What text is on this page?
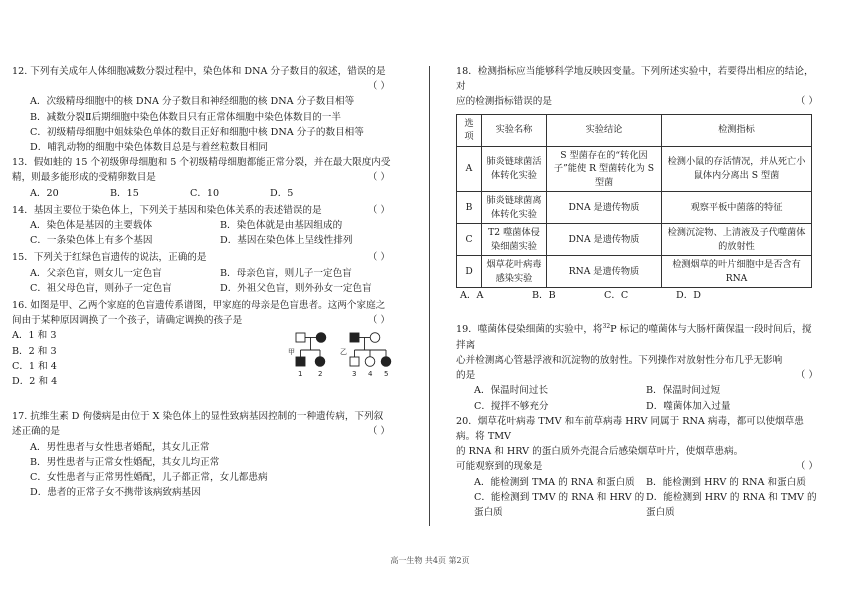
12. 下列有关成年人体细胞减数分裂过程中，染色体和 DNA 分子数目的叙述，错误的是
（ ）
A．次级精母细胞中的核 DNA 分子数目和神经细胞的核 DNA 分子数目相等
B．减数分裂Ⅱ后期细胞中染色体数目只有正常体细胞中染色体数目的一半
C．初级精母细胞中姐妹染色单体的数目正好和细胞中核 DNA 分子的数目相等
D．哺乳动物的细胞中染色体数目总是与着丝粒数目相同
13．假如蛙的 15 个初级卵母细胞和 5 个初级精母细胞都能正常分裂，并在最大限度内受
精，则最多能形成的受精卵数目是	（ ）
A．20	B．15	C．10	D．5
14．基因主要位于染色体上，下列关于基因和染色体关系的表述错误的是	（ ）
A．染色体是基因的主要载体	B．染色体就是由基因组成的
C．一条染色体上有多个基因	D．基因在染色体上呈线性排列
15．下列关于红绿色盲遗传的说法，正确的是	（ ）
A．父亲色盲，则女儿一定色盲	B．母亲色盲，则儿子一定色盲
C．祖父母色盲，则孙子一定色盲	D．外祖父色盲，则外孙女一定色盲
16. 如图是甲、乙两个家庭的色盲遗传系谱图，甲家庭的母亲是色盲患者。这两个家庭之
间由于某种原因调换了一个孩子，请确定调换的孩子是	（ ）
A．1 和 3
B．2 和 3
C．1 和 4
D．2 和 4
17. 抗维生素 D 佝偻病是由位于 X 染色体上的显性致病基因控制的一种遗传病，下列叙
述正确的是	（ ）
A．男性患者与女性患者婚配，其女儿正常
B．男性患者与正常女性婚配，其女儿均正常
C．女性患者与正常男性婚配，儿子都正常，女儿都患病
D．患者的正常子女不携带该病致病基因
甲	乙
1 2	3 4 5
18．检测指标应当能够科学地反映因变量。下列所述实验中，若要得出相应的结论，对
应的检测指标错误的是	（ ）
选项	实验名称	实验结论	检测指标
A	肺炎链球菌活体转化实验	S 型菌存在的“转化因子”能使 R 型菌转化为 S 型菌	检测小鼠的存活情况，并从死亡小鼠体内分离出 S 型菌
B	肺炎链球菌离体转化实验	DNA 是遗传物质	观察平板中菌落的特征
C	T2 噬菌体侵染细菌实验	DNA 是遗传物质	检测沉淀物、上清液及子代噬菌体的放射性
D	烟草花叶病毒感染实验	RNA 是遗传物质	检测烟草的叶片细胞中是否含有 RNA
A．A	B．B	C．C	D．D
19．噬菌体侵染细菌的实验中，将$^{32}$P 标记的噬菌体与大肠杆菌保温一段时间后，搅拌离
心并检测离心管悬浮液和沉淀物的放射性。下列操作对放射性分布几乎无影响
的是	（ ）
A．保温时间过长	B．保温时间过短
C．搅拌不够充分	D．噬菌体加入过量
20．烟草花叶病毒 TMV 和车前草病毒 HRV 同属于 RNA 病毒，都可以使烟草患病。将 TMV
的 RNA 和 HRV 的蛋白质外壳混合后感染烟草叶片，使烟草患病。
可能观察到的现象是	（ ）
A．能检测到 TMA 的 RNA 和蛋白质	B．能检测到 HRV 的 RNA 和蛋白质
C．能检测到 TMV 的 RNA 和 HRV 的蛋白质
D．能检测到 HRV 的 RNA 和 TMV 的蛋白质
高一生物 共4页 第2页
